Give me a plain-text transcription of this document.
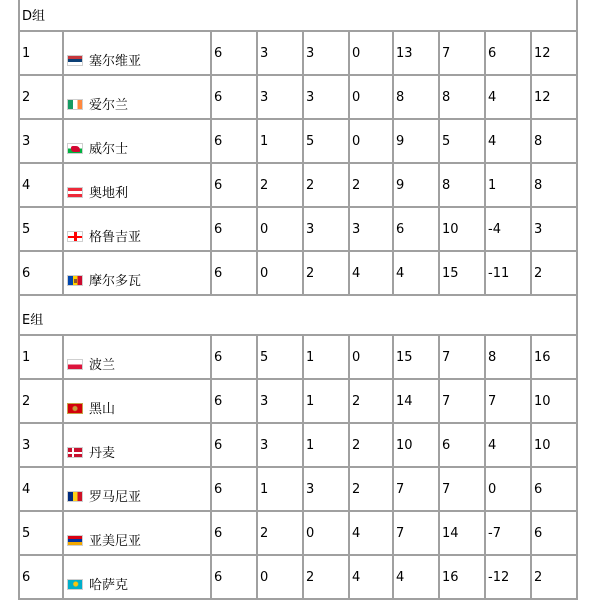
D组									
1	塞尔维亚	6	3	3	0	13	7	6	12
2	爱尔兰	6	3	3	0	8	8	4	12
3	威尔士	6	1	5	0	9	5	4	8
4	奥地利	6	2	2	2	9	8	1	8
5	格鲁吉亚	6	0	3	3	6	10	-4	3
6	摩尔多瓦	6	0	2	4	4	15	-11	2
E组									
1	波兰	6	5	1	0	15	7	8	16
2	黑山	6	3	1	2	14	7	7	10
3	丹麦	6	3	1	2	10	6	4	10
4	罗马尼亚	6	1	3	2	7	7	0	6
5	亚美尼亚	6	2	0	4	7	14	-7	6
6	哈萨克	6	0	2	4	4	16	-12	2
